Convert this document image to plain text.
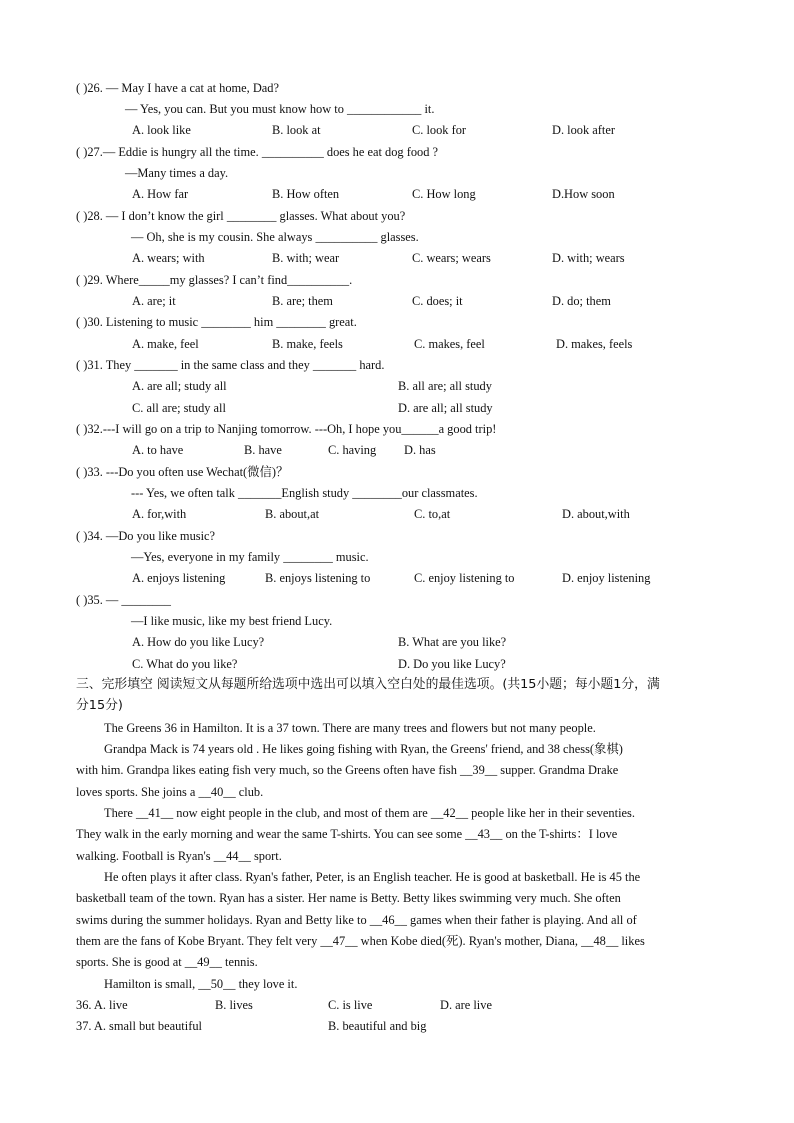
( )26. — May I have a cat at home, Dad?
— Yes, you can. But you must know how to ____________ it.
A. look like	B. look at	C. look for	D. look after
( )27.— Eddie is hungry all the time. __________ does he eat dog food ?
—Many times a day.
A. How far	B. How often	C. How long	D.How soon
( )28. — I don’t know the girl ________ glasses. What about you?
— Oh, she is my cousin. She always __________ glasses.
A. wears; with	B. with; wear	C. wears; wears	D. with; wears
( )29. Where_____my glasses? I can’t find__________.
A. are; it	B. are; them	C. does; it	D. do; them
( )30. Listening to music ________ him ________ great.
A. make, feel	B. make, feels	C. makes, feel	D. makes, feels
( )31. They _______ in the same class and they _______ hard.
A. are all; study all	B. all are; all study
C. all are; study all	D. are all; all study
( )32.---I will go on a trip to Nanjing tomorrow. ---Oh, I hope you______a good trip!
A. to have	B. have	C. having D. has
( )33. ---Do you often use Wechat(微信)？
--- Yes, we often talk _______English study ________our classmates.
A. for,with	B. about,at	C. to,at	D. about,with
( )34. —Do you like music?
—Yes, everyone in my family ________ music.
A. enjoys listening	B. enjoys listening to	C. enjoy listening to	D. enjoy listening
( )35. — ________
—I like music, like my best friend Lucy.
A. How do you like Lucy?	B. What are you like?
C. What do you like?	D. Do you like Lucy?
三、完形填空 阅读短文从每题所给选项中选出可以填入空白处的最佳选项。(共15小题；每小题1分，满
分15分)
The Greens 36 in Hamilton. It is a 37 town. There are many trees and flowers but not many people.
Grandpa Mack is 74 years old . He likes going fishing with Ryan, the Greens' friend, and 38 chess(象棋)
with him. Grandpa likes eating fish very much, so the Greens often have fish __39__ supper. Grandma Drake
loves sports. She joins a __40__ club.
There __41__ now eight people in the club, and most of them are __42__ people like her in their seventies.
They walk in the early morning and wear the same T-shirts. You can see some __43__ on the T-shirts：I love
walking. Football is Ryan's __44__ sport.
He often plays it after class. Ryan's father, Peter, is an English teacher. He is good at basketball. He is 45 the
basketball team of the town. Ryan has a sister. Her name is Betty. Betty likes swimming very much. She often
swims during the summer holidays. Ryan and Betty like to __46__ games when their father is playing. And all of
them are the fans of Kobe Bryant. They felt very __47__ when Kobe died(死). Ryan's mother, Diana, __48__ likes
sports. She is good at __49__ tennis.
Hamilton is small, __50__ they love it.
36. A. live	B. lives	C. is live	D. are live
37. A. small but beautiful	B. beautiful and big
